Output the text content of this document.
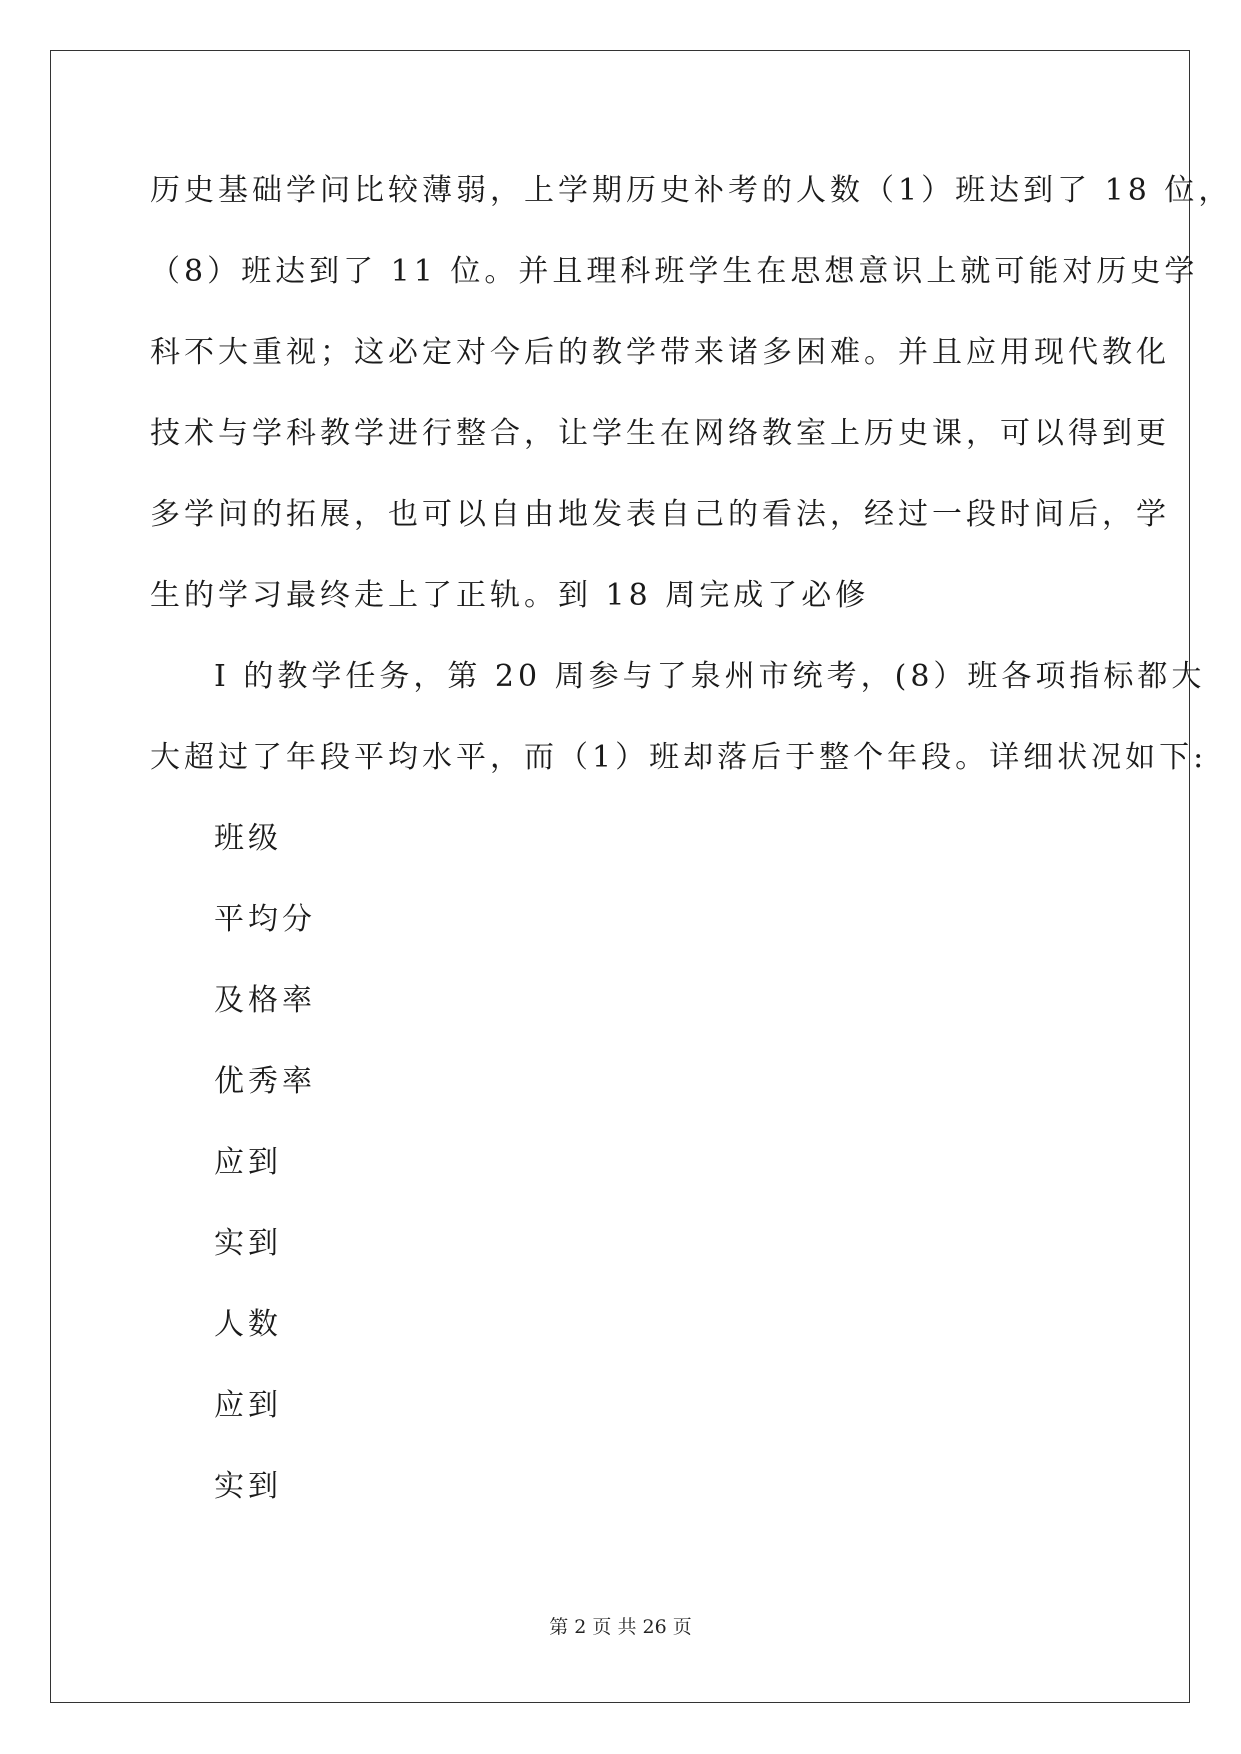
历史基础学问比较薄弱，上学期历史补考的人数（1）班达到了 18 位，
（8）班达到了 11 位。并且理科班学生在思想意识上就可能对历史学
科不大重视；这必定对今后的教学带来诸多困难。并且应用现代教化
技术与学科教学进行整合，让学生在网络教室上历史课，可以得到更
多学问的拓展，也可以自由地发表自己的看法，经过一段时间后，学
生的学习最终走上了正轨。到 18 周完成了必修
I 的教学任务，第 20 周参与了泉州市统考，(8）班各项指标都大
大超过了年段平均水平，而（1）班却落后于整个年段。详细状况如下:
班级
平均分
及格率
优秀率
应到
实到
人数
应到
实到
第 2 页 共 26 页
